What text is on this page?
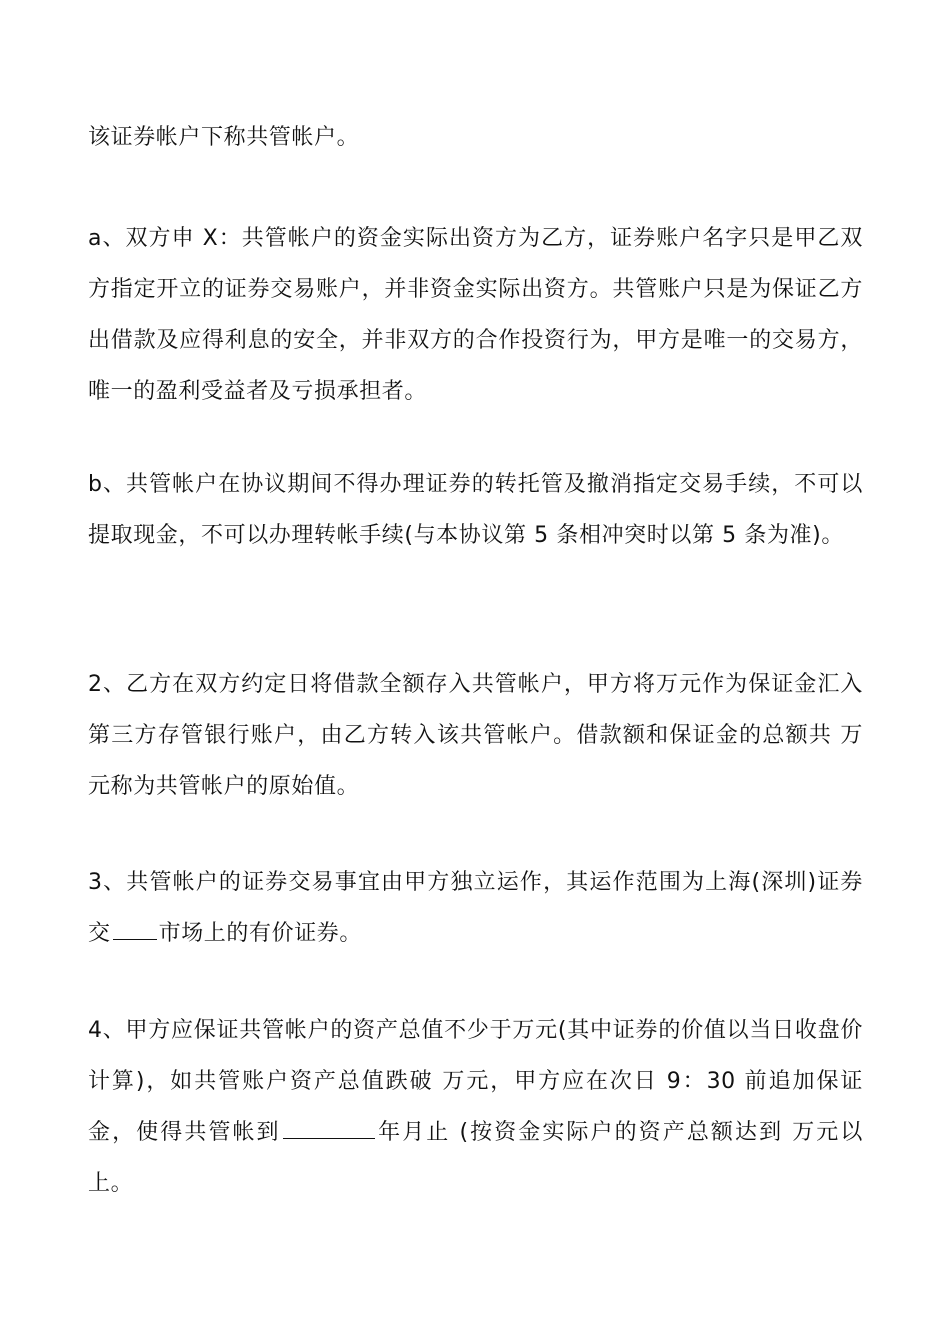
该证券帐户下称共管帐户。

a、双方申 X：共管帐户的资金实际出资方为乙方，证券账户名字只是甲乙双方指定开立的证券交易账户，并非资金实际出资方。共管账户只是为保证乙方出借款及应得利息的安全，并非双方的合作投资行为，甲方是唯一的交易方，唯一的盈利受益者及亏损承担者。

b、共管帐户在协议期间不得办理证券的转托管及撤消指定交易手续，不可以提取现金，不可以办理转帐手续(与本协议第 5 条相冲突时以第 5 条为准)。

2、乙方在双方约定日将借款全额存入共管帐户，甲方将万元作为保证金汇入第三方存管银行账户，由乙方转入该共管帐户。借款额和保证金的总额共 万元称为共管帐户的原始值。

3、共管帐户的证券交易事宜由甲方独立运作，其运作范围为上海(深圳)证券交 市场上的有价证券。

4、甲方应保证共管帐户的资产总值不少于万元(其中证券的价值以当日收盘价计算)，如共管账户资产总值跌破 万元，甲方应在次日 9：30 前追加保证金，使得共管帐到	年月止 (按资金实际户的资产总额达到 万元以上。
